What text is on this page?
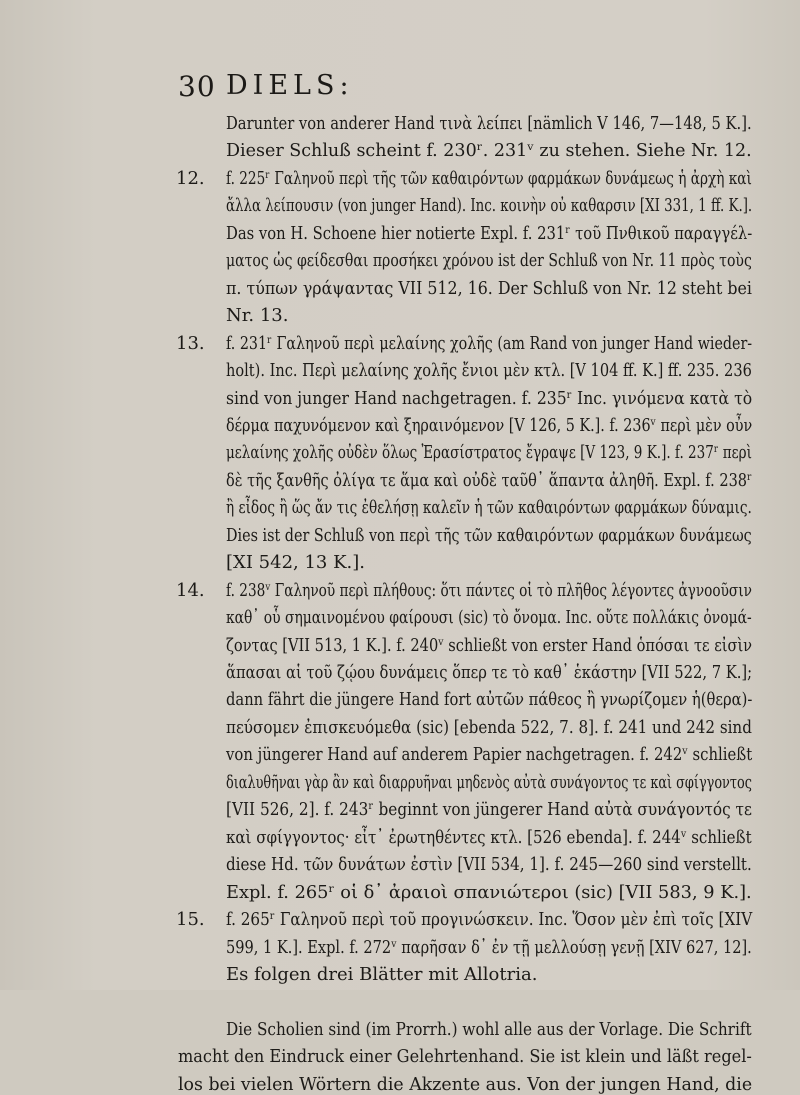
30 DIELS:
Darunter von anderer Hand τινὰ λείπει [nämlich V 146, 7—148, 5 K.].
Dieser Schluß scheint f. 230ʳ. 231ᵛ zu stehen. Siehe Nr. 12.
12. f. 225ʳ Γαληνοῦ περὶ τῆς τῶν καθαιρόντων φαρμάκων δυνάμεως ἡ ἀρχὴ καὶ
ἄλλα λείπουσιν (von junger Hand). Inc. κοινὴν οὐ καθαρσιν [XI 331, 1 ff. K.].
Das von H. Schoene hier notierte Expl. f. 231ʳ τοῦ Πνθικοῦ παραγγέλ-
ματος ὡς φείδεσθαι προσήκει χρόνου ist der Schluß von Nr. 11 πρὸς τοὺς
π. τύπων γράψαντας VII 512, 16. Der Schluß von Nr. 12 steht bei
Nr. 13.
13. f. 231ʳ Γαληνοῦ περὶ μελαίνης χολῆς (am Rand von junger Hand wieder-
holt). Inc. Περὶ μελαίνης χολῆς ἔνιοι μὲν κτλ. [V 104 ff. K.] ff. 235. 236
sind von junger Hand nachgetragen. f. 235ʳ Inc. γινόμενα κατὰ τὸ
δέρμα παχυνόμενον καὶ ξηραινόμενον [V 126, 5 K.]. f. 236ᵛ περὶ μὲν οὖν
μελαίνης χολῆς οὐδὲν ὅλως Ἐρασίστρατος ἔγραψε [V 123, 9 K.]. f. 237ʳ περὶ
δὲ τῆς ξανθῆς ὀλίγα τε ἅμα καὶ οὐδὲ ταῦθ᾽ ἅπαντα ἀληθῆ. Expl. f. 238ʳ
ἢ εἶδος ἢ ὥς ἄν τις ἐθελήσῃ καλεῖν ἡ τῶν καθαιρόντων φαρμάκων δύναμις.
Dies ist der Schluß von περὶ τῆς τῶν καθαιρόντων φαρμάκων δυνάμεως
[XI 542, 13 K.].
14. f. 238ᵛ Γαληνοῦ περὶ πλήθους: ὅτι πάντες οἱ τὸ πλῆθος λέγοντες ἀγνοοῦσιν
καθ᾽ οὗ σημαινομένου φαίρουσι (sic) τὸ ὄνομα. Inc. οὔτε πολλάκις ὀνομά-
ζοντας [VII 513, 1 K.]. f. 240ᵛ schließt von erster Hand ὁπόσαι τε εἰσὶν
ἅπασαι αἱ τοῦ ζῴου δυνάμεις ὅπερ τε τὸ καθ᾽ ἑκάστην [VII 522, 7 K.];
dann fährt die jüngere Hand fort αὐτῶν πάθεος ἢ γνωρίζομεν ἡ(θερα)-
πεύσομεν ἐπισκευόμεθα (sic) [ebenda 522, 7. 8]. f. 241 und 242 sind
von jüngerer Hand auf anderem Papier nachgetragen. f. 242ᵛ schließt
διαλυθῆναι γὰρ ἂν καὶ διαρρυῆναι μηδενὸς αὐτὰ συνάγοντος τε καὶ σφίγγοντος
[VII 526, 2]. f. 243ʳ beginnt von jüngerer Hand αὐτὰ συνάγοντός τε
καὶ σφίγγοντος· εἶτ᾽ ἐρωτηθέντες κτλ. [526 ebenda]. f. 244ᵛ schließt
diese Hd. τῶν δυνάτων ἐστὶν [VII 534, 1]. f. 245—260 sind verstellt.
Expl. f. 265ʳ οἱ δ᾽ ἀραιοὶ σπανιώτεροι (sic) [VII 583, 9 K.].
15. f. 265ʳ Γαληνοῦ περὶ τοῦ προγινώσκειν. Inc. Ὅσον μὲν ἐπὶ τοῖς [XIV
599, 1 K.]. Expl. f. 272ᵛ παρῆσαν δ᾽ ἐν τῇ μελλούσῃ γενῇ [XIV 627, 12].
Es folgen drei Blätter mit Allotria.
Die Scholien sind (im Prorrh.) wohl alle aus der Vorlage. Die Schrift
macht den Eindruck einer Gelehrtenhand. Sie ist klein und läßt regel-
los bei vielen Wörtern die Akzente aus. Von der jungen Hand, die
